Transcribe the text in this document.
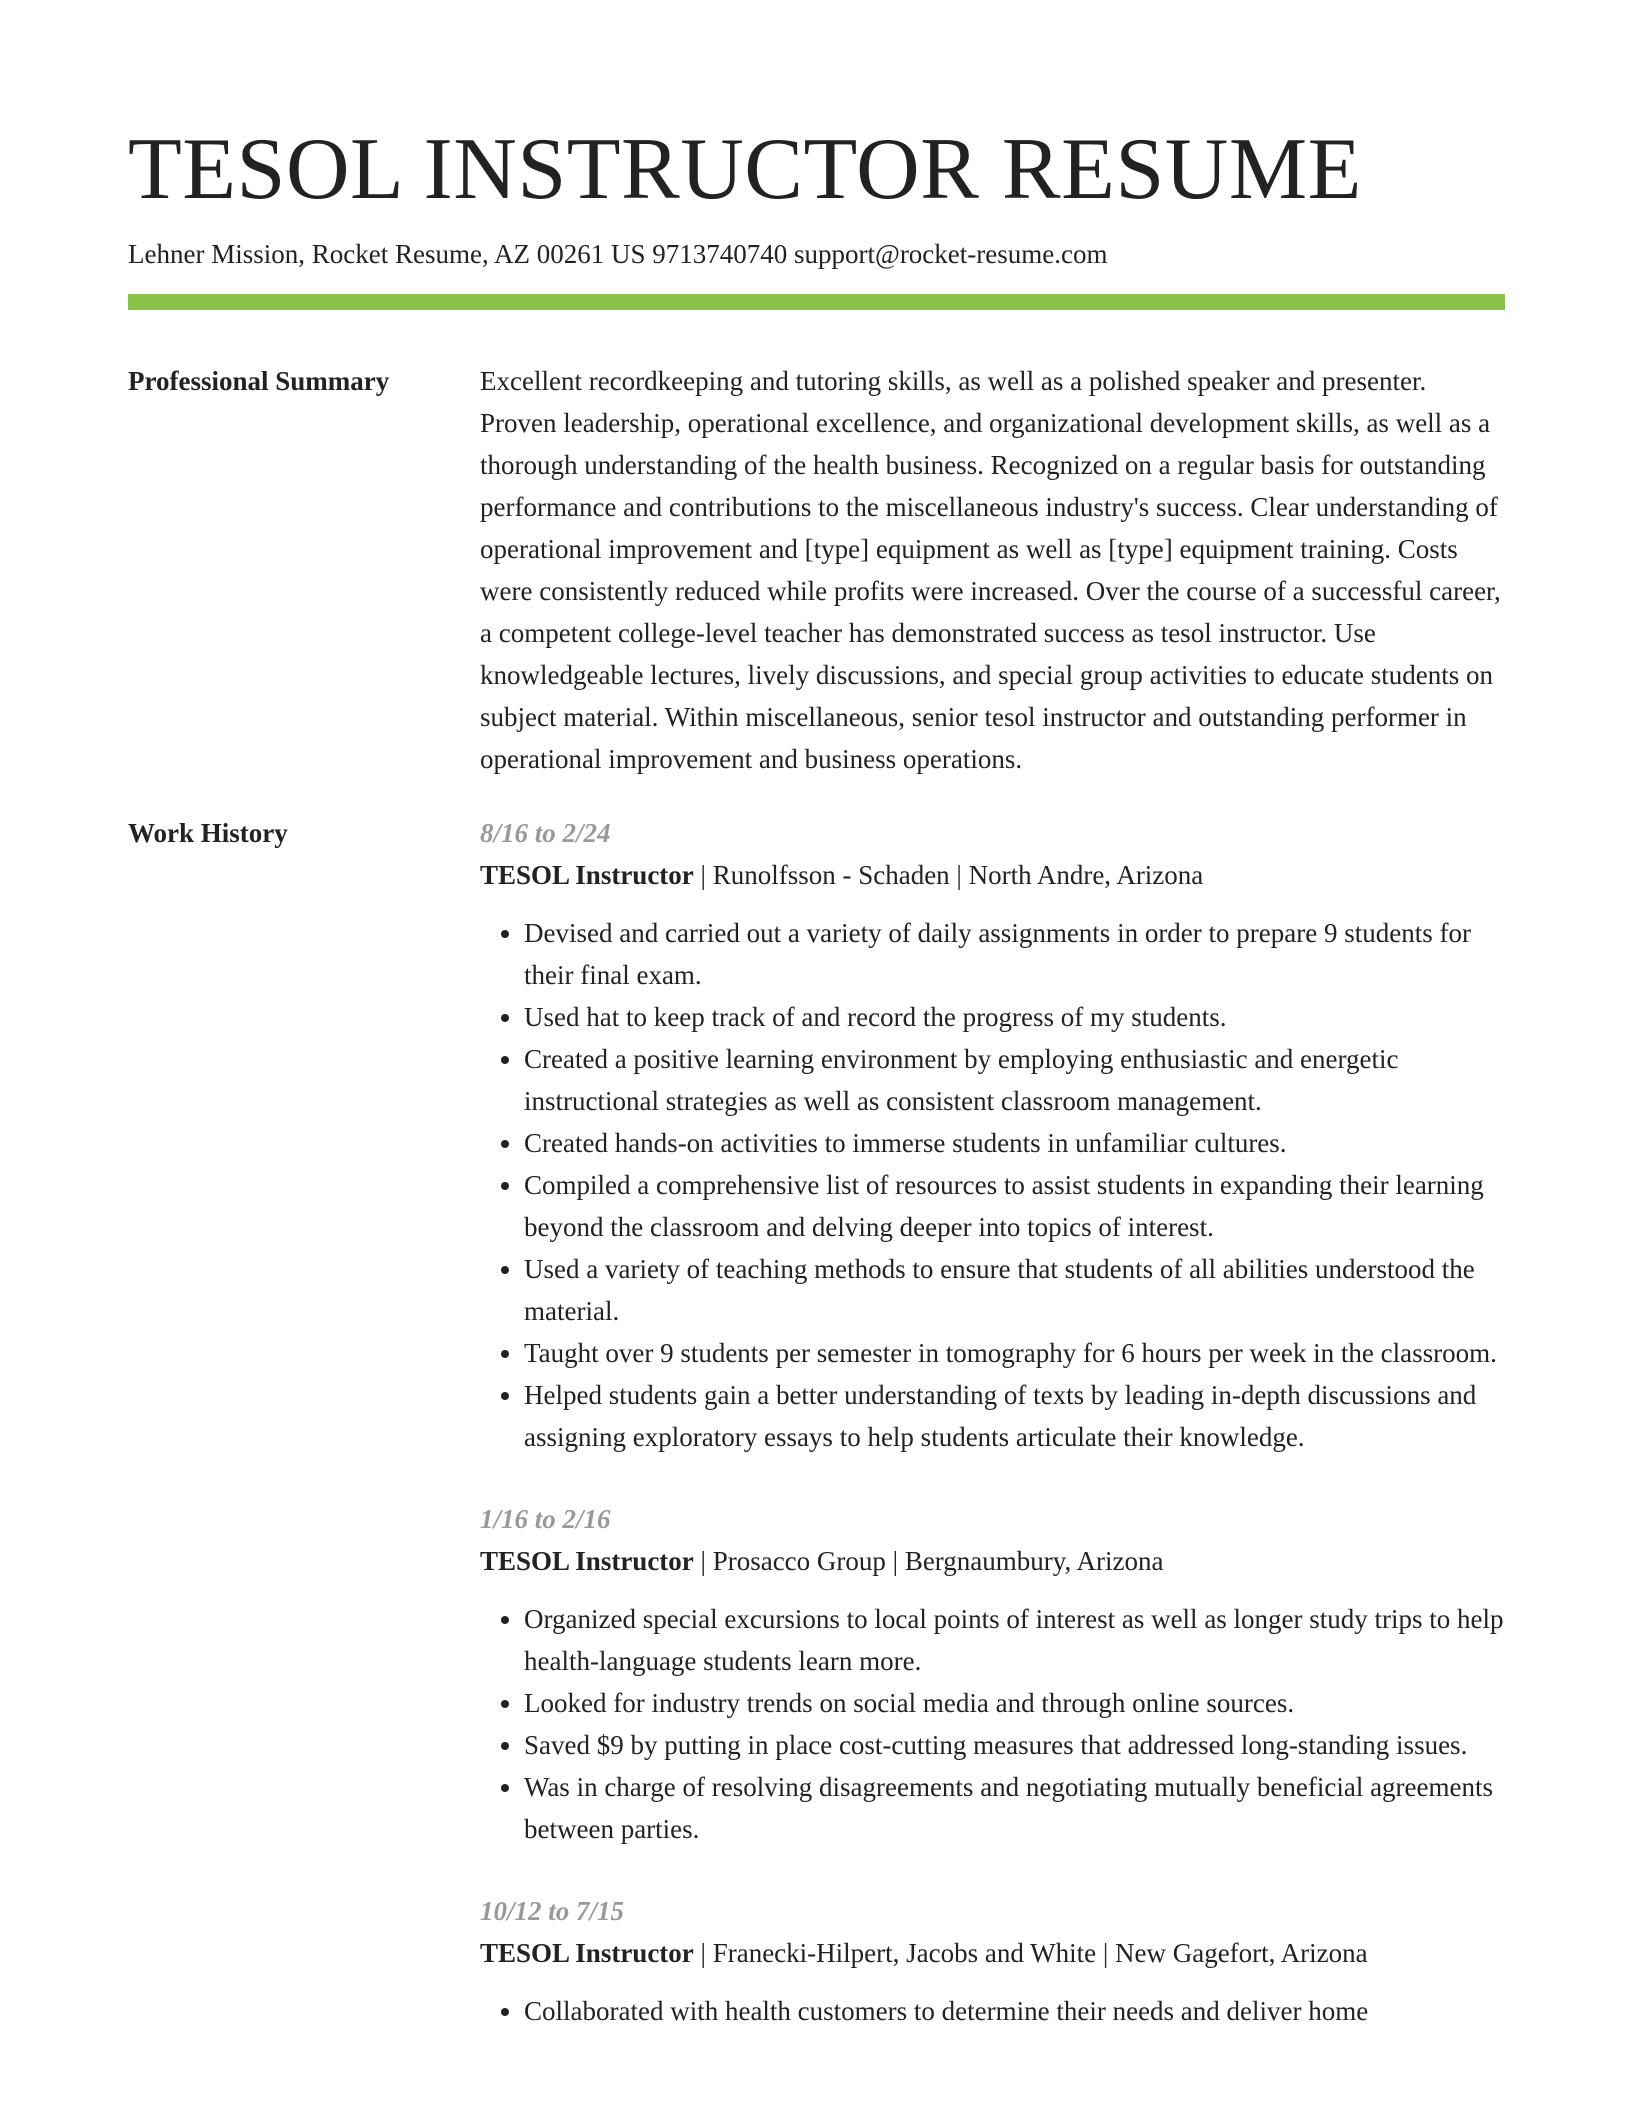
TESOL INSTRUCTOR RESUME
Lehner Mission, Rocket Resume, AZ 00261 US 9713740740 support@rocket-resume.com
Professional Summary	Excellent recordkeeping and tutoring skills, as well as a polished speaker and presenter. Proven leadership, operational excellence, and organizational development skills, as well as a thorough understanding of the health business. Recognized on a regular basis for outstanding performance and contributions to the miscellaneous industry's success. Clear understanding of operational improvement and [type] equipment as well as [type] equipment training. Costs were consistently reduced while profits were increased. Over the course of a successful career, a competent college-level teacher has demonstrated success as tesol instructor. Use knowledgeable lectures, lively discussions, and special group activities to educate students on subject material. Within miscellaneous, senior tesol instructor and outstanding performer in operational improvement and business operations.

Work History	8/16 to 2/24
TESOL Instructor | Runolfsson - Schaden | North Andre, Arizona
• Devised and carried out a variety of daily assignments in order to prepare 9 students for their final exam.
• Used hat to keep track of and record the progress of my students.
• Created a positive learning environment by employing enthusiastic and energetic instructional strategies as well as consistent classroom management.
• Created hands-on activities to immerse students in unfamiliar cultures.
• Compiled a comprehensive list of resources to assist students in expanding their learning beyond the classroom and delving deeper into topics of interest.
• Used a variety of teaching methods to ensure that students of all abilities understood the material.
• Taught over 9 students per semester in tomography for 6 hours per week in the classroom.
• Helped students gain a better understanding of texts by leading in-depth discussions and assigning exploratory essays to help students articulate their knowledge.
1/16 to 2/16
TESOL Instructor | Prosacco Group | Bergnaumbury, Arizona
• Organized special excursions to local points of interest as well as longer study trips to help health-language students learn more.
• Looked for industry trends on social media and through online sources.
• Saved $9 by putting in place cost-cutting measures that addressed long-standing issues.
• Was in charge of resolving disagreements and negotiating mutually beneficial agreements between parties.
10/12 to 7/15
TESOL Instructor | Franecki-Hilpert, Jacobs and White | New Gagefort, Arizona
• Collaborated with health customers to determine their needs and deliver home
